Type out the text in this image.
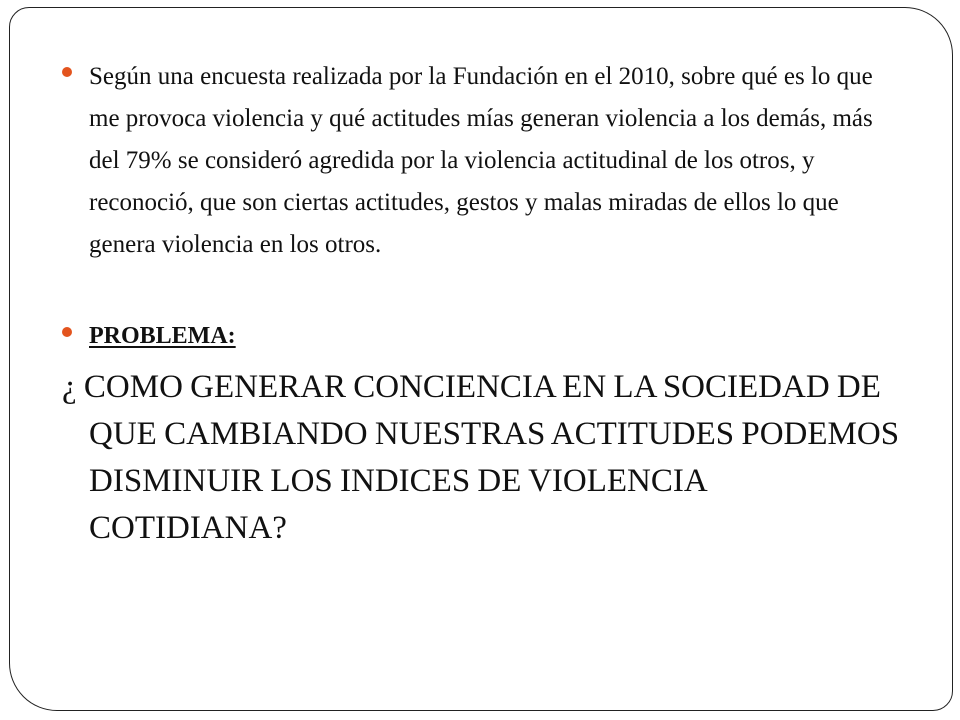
Según una encuesta realizada por la Fundación en el 2010, sobre qué es lo que me provoca violencia y qué actitudes mías generan violencia a los demás, más del 79% se consideró agredida por la violencia actitudinal de los otros, y reconoció, que son ciertas actitudes, gestos y malas miradas de ellos lo que genera violencia en los otros.
PROBLEMA:
¿ COMO GENERAR CONCIENCIA EN LA SOCIEDAD DE QUE CAMBIANDO NUESTRAS ACTITUDES PODEMOS DISMINUIR LOS INDICES DE VIOLENCIA COTIDIANA?
